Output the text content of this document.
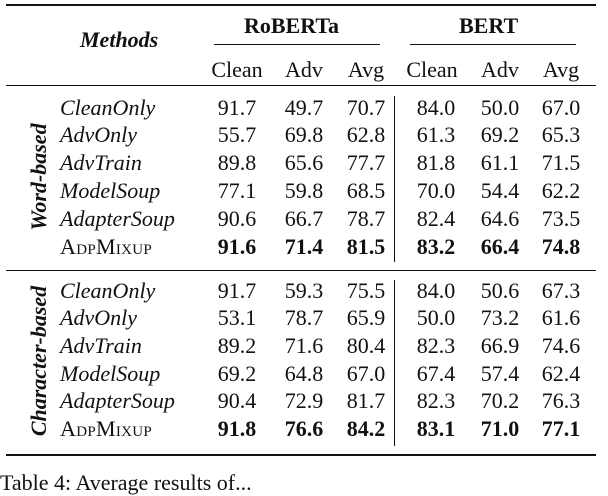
Methods
RoBERTa	BERT
Clean	Adv	Avg	Clean	Adv	Avg
Word-based
Character-based
CleanOnly	91.7	49.7	70.7	84.0	50.0	67.0
AdvOnly	55.7	69.8	62.8	61.3	69.2	65.3
AdvTrain	89.8	65.6	77.7	81.8	61.1	71.5
ModelSoup	77.1	59.8	68.5	70.0	54.4	62.2
AdapterSoup	90.6	66.7	78.7	82.4	64.6	73.5
AdpMixup	91.6	71.4	81.5	83.2	66.4	74.8
CleanOnly	91.7	59.3	75.5	84.0	50.6	67.3
AdvOnly	53.1	78.7	65.9	50.0	73.2	61.6
AdvTrain	89.2	71.6	80.4	82.3	66.9	74.6
ModelSoup	69.2	64.8	67.0	67.4	57.4	62.4
AdapterSoup	90.4	72.9	81.7	82.3	70.2	76.3
AdpMixup	91.8	76.6	84.2	83.1	71.0	77.1
Table 4: Average results of...
